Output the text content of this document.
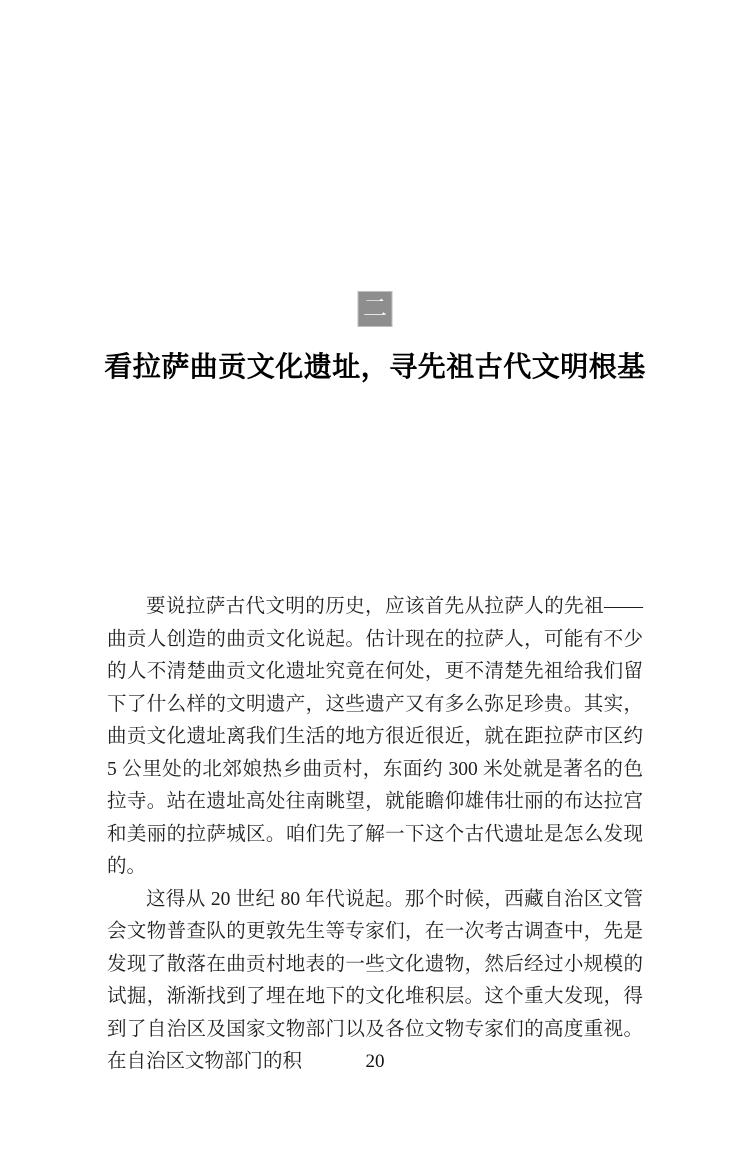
二
看拉萨曲贡文化遗址，寻先祖古代文明根基

要说拉萨古代文明的历史，应该首先从拉萨人的先祖——曲贡人创造的曲贡文化说起。估计现在的拉萨人，可能有不少的人不清楚曲贡文化遗址究竟在何处，更不清楚先祖给我们留下了什么样的文明遗产，这些遗产又有多么弥足珍贵。其实，曲贡文化遗址离我们生活的地方很近很近，就在距拉萨市区约 5 公里处的北郊娘热乡曲贡村，东面约 300 米处就是著名的色拉寺。站在遗址高处往南眺望，就能瞻仰雄伟壮丽的布达拉宫和美丽的拉萨城区。咱们先了解一下这个古代遗址是怎么发现的。

这得从 20 世纪 80 年代说起。那个时候，西藏自治区文管会文物普查队的更敦先生等专家们，在一次考古调查中，先是发现了散落在曲贡村地表的一些文化遗物，然后经过小规模的试掘，渐渐找到了埋在地下的文化堆积层。这个重大发现，得到了自治区及国家文物部门以及各位文物专家们的高度重视。在自治区文物部门的积	20
